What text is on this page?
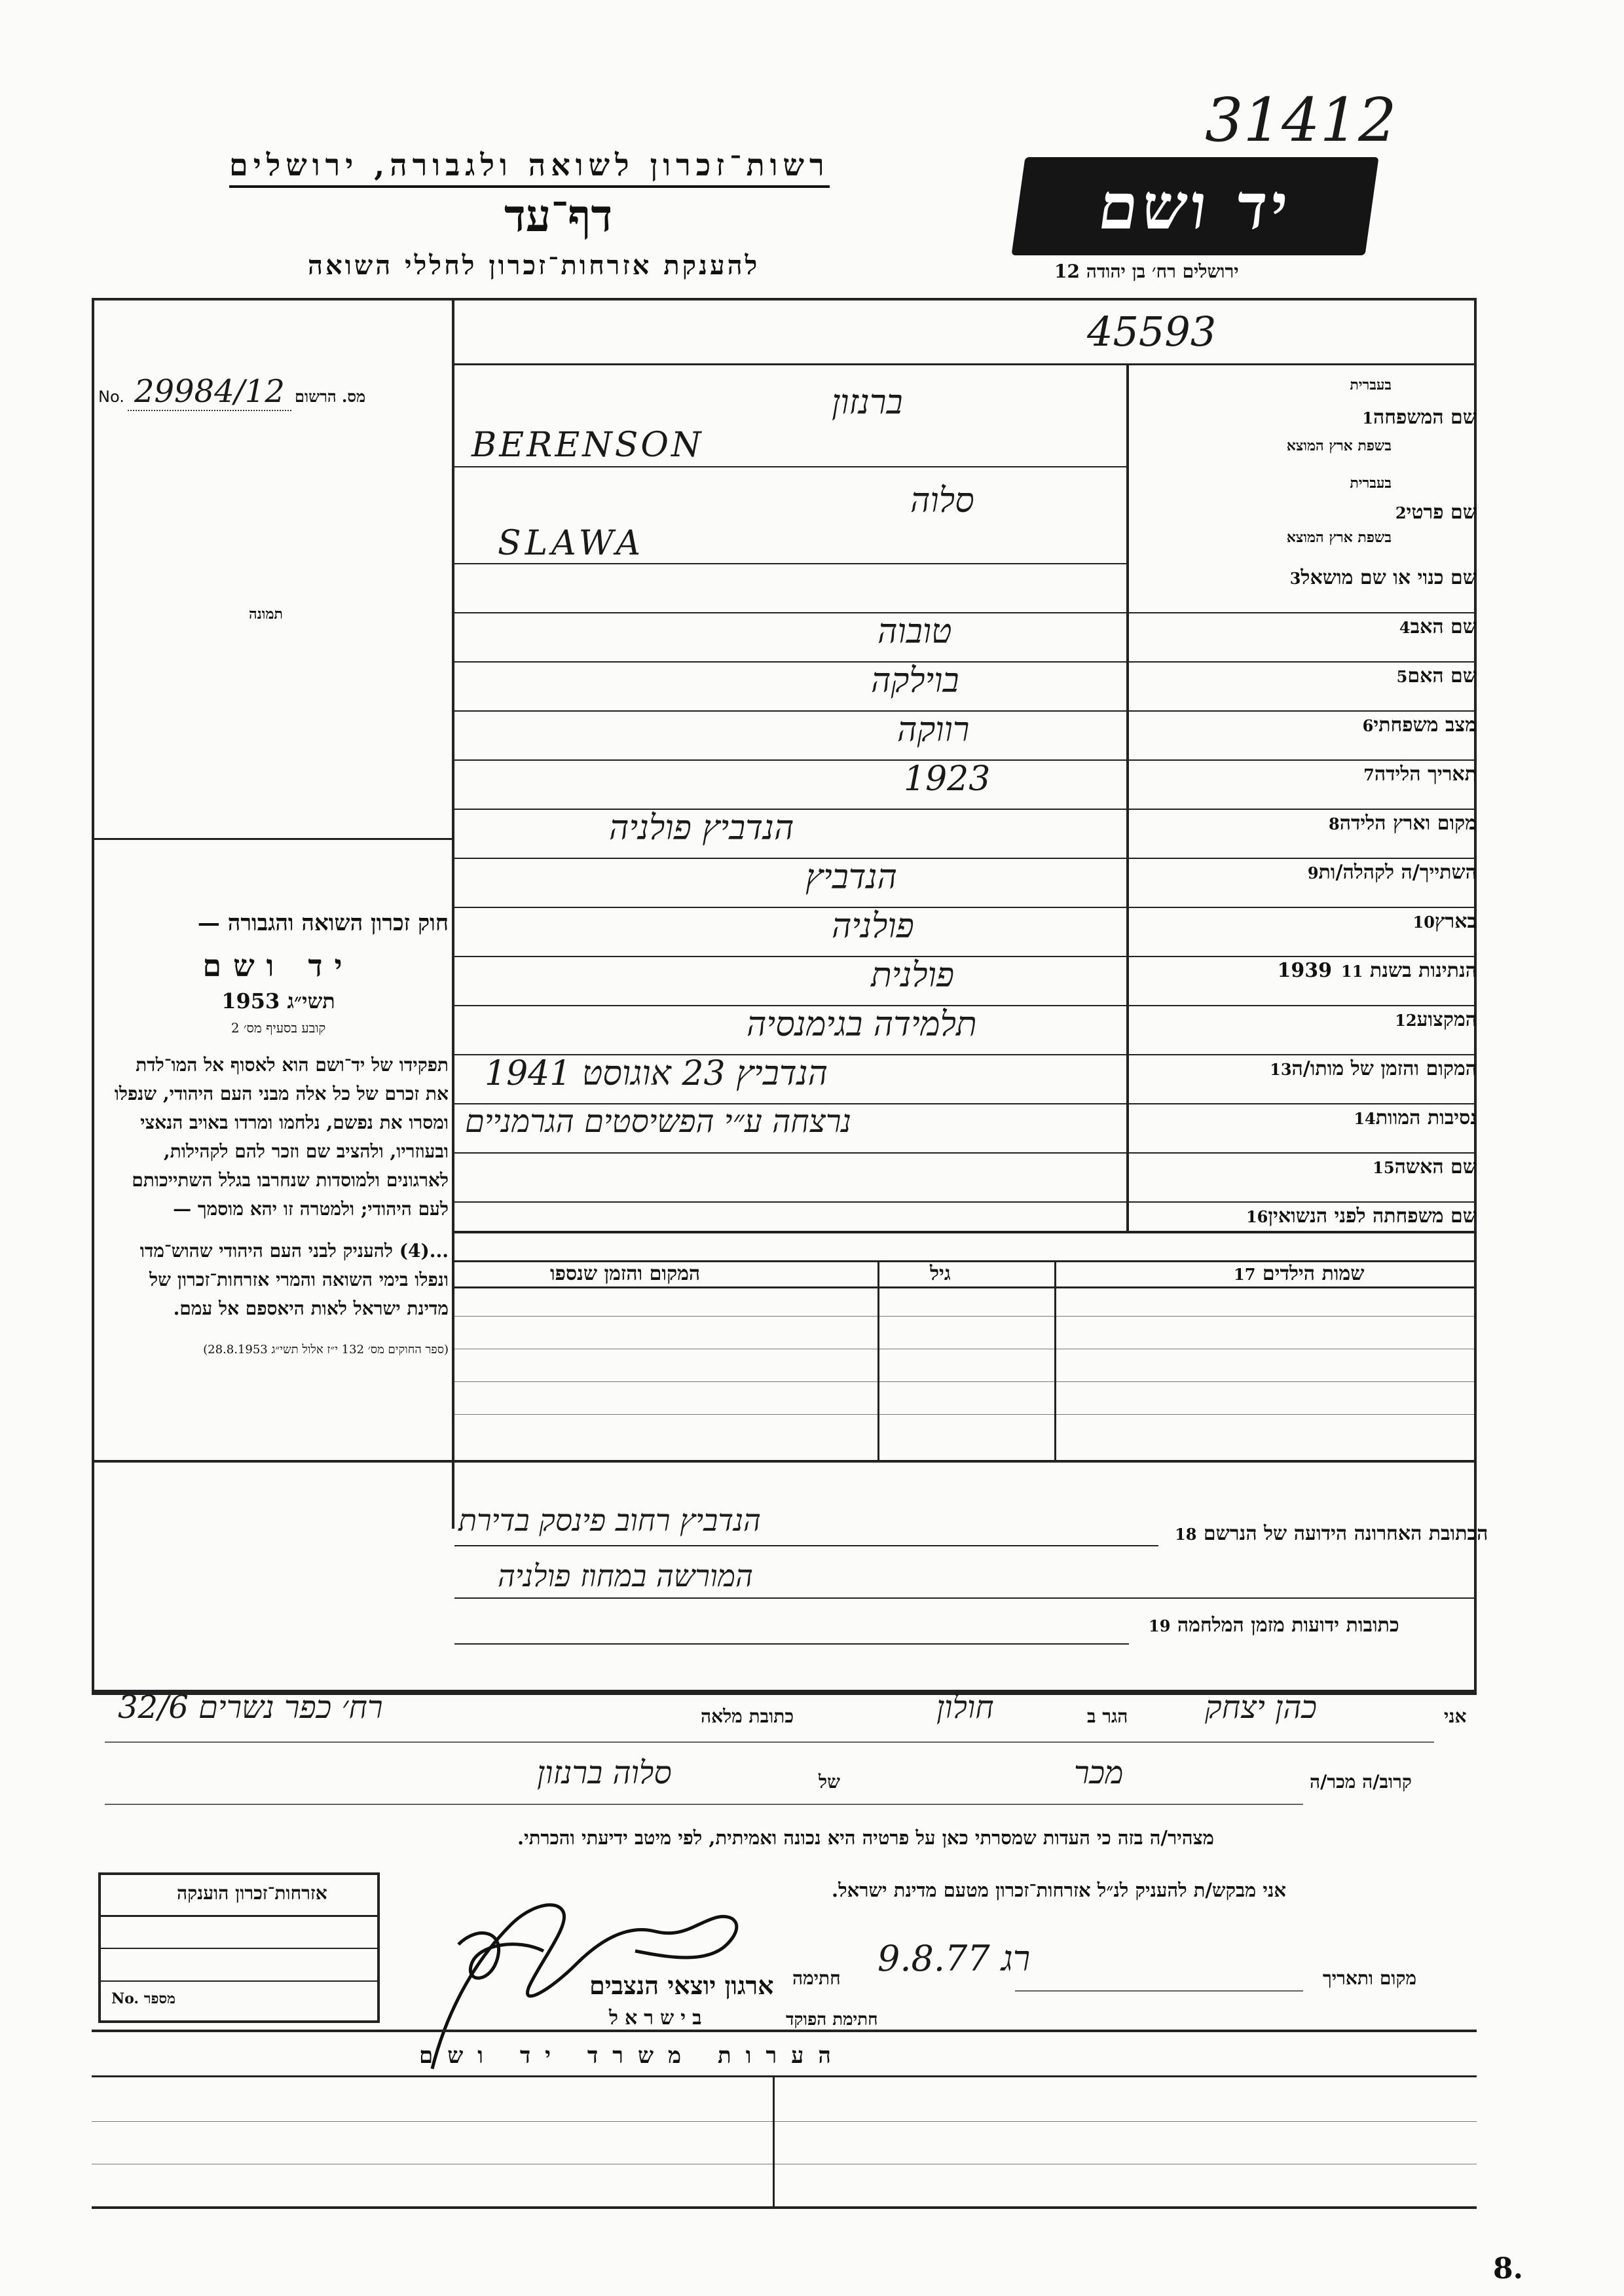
31412
רשות־זכרון לשואה ולגבורה, ירושלים
דף־עד
להענקת אזרחות־זכרון לחללי השואה
יד ושם
ירושלים רח׳ בן יהודה 12
45593
No. 29984/12 מס. הרשום
תמונה
שם המשפחה1
בעברית
בשפת ארץ המוצא
שם פרטי2
בעברית
בשפת ארץ המוצא
שם כנוי או שם מושאל3
שם האב4
שם האם5
מצב משפחתי6
תאריך הלידה7
מקום וארץ הלידה8
השתייך/ה לקהלה/ות9
בארץ10
הנתינות בשנת 193911
המקצוע12
המקום והזמן של מותו/ה13
נסיבות המוות14
שם האשה15
שם משפחתה לפני הנשואין16
ברנזון
BERENSON
סלוה
SLAWA
טובוה
בוילקה
רווקה
1923
הנדביץ פולניה
הנדביץ
פולניה
פולנית
תלמידה בגימנסיה
הנדביץ 23 אוגוסט 1941
נרצחה ע״י הפשיסטים הגרמניים
חוק זכרון השואה והגבורה —
יד ושם
תשי״ג 1953
קובע בסעיף מס׳ 2
תפקידו של יד־ושם הוא לאסוף אל המו־לדת את זכרם של כל אלה מבני העם היהודי, שנפלו ומסרו את נפשם, נלחמו ומרדו באויב הנאצי ובעוזריו, ולהציב שם וזכר להם לקהילות, לארגונים ולמוסדות שנחרבו בגלל השתייכותם לעם היהודי; ולמטרה זו יהא מוסמך —
...(4) להעניק לבני העם היהודי שהוש־מדו ונפלו בימי השואה והמרי אזרחות־זכרון של מדינת ישראל לאות היאספם אל עמם.
(ספר החוקים מס׳ 132 י״ז אלול תשי״ג 28.8.1953)
שמות הילדים 17
גיל
המקום והזמן שנספו
הכתובת האחרונה הידועה של הנרשם 18
הנדביץ רחוב פינסק בדירת
המורשה במחוז פולניה
כתובות ידועות מזמן המלחמה 19
אני
כהן יצחק
הגר ב
חולון
כתובת מלאה
רח׳ כפר נשרים 32/6
קרוב/ה מכר/ה
מכר
של
סלוה ברנזון
מצהיר/ה בזה כי העדות שמסרתי כאן על פרטיה היא נכונה ואמיתית, לפי מיטב ידיעתי והכרתי.
אני מבקש/ת להעניק לנ״ל אזרחות־זכרון מטעם מדינת ישראל.
מקום ותאריך
רג 9.8.77
חתימה
חתימת הפוקד
ארגון יוצאי הנצבים
בישראל
אזרחות־זכרון הוענקה
No. מספר
הערות משרד יד ושם
8.
